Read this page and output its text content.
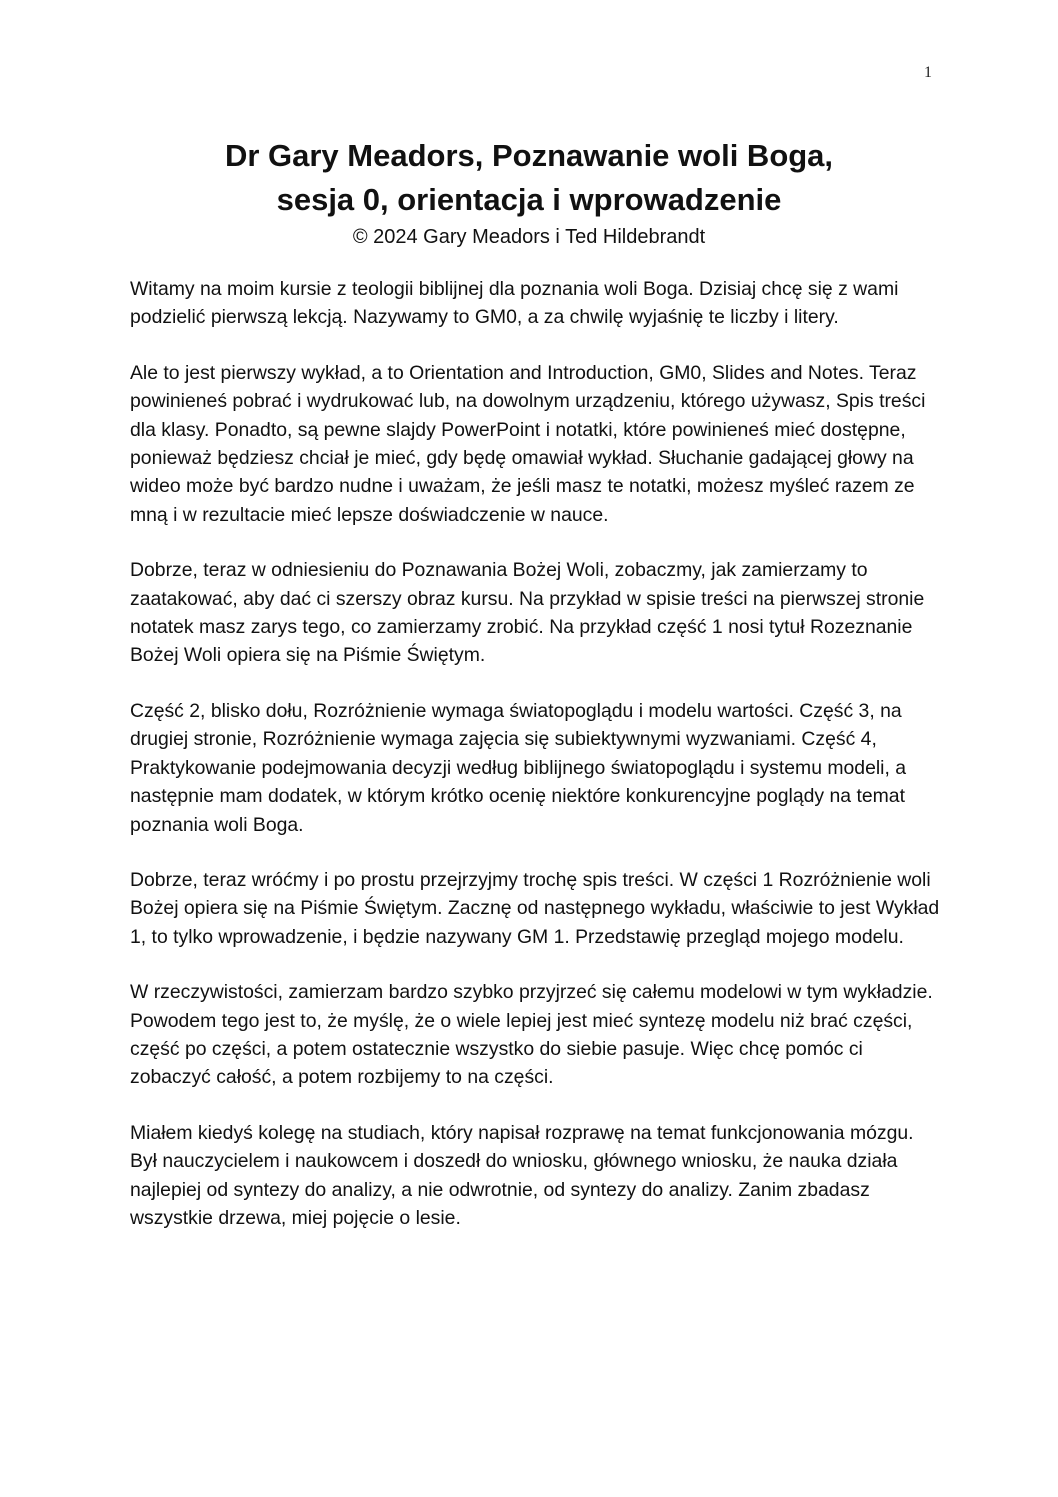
1
Dr Gary Meadors, Poznawanie woli Boga,
sesja 0, orientacja i wprowadzenie
© 2024 Gary Meadors i Ted Hildebrandt

Witamy na moim kursie z teologii biblijnej dla poznania woli Boga. Dzisiaj chcę się z wami podzielić pierwszą lekcją. Nazywamy to GM0, a za chwilę wyjaśnię te liczby i litery.

Ale to jest pierwszy wykład, a to Orientation and Introduction, GM0, Slides and Notes. Teraz powinieneś pobrać i wydrukować lub, na dowolnym urządzeniu, którego używasz, Spis treści dla klasy. Ponadto, są pewne slajdy PowerPoint i notatki, które powinieneś mieć dostępne, ponieważ będziesz chciał je mieć, gdy będę omawiał wykład. Słuchanie gadającej głowy na wideo może być bardzo nudne i uważam, że jeśli masz te notatki, możesz myśleć razem ze mną i w rezultacie mieć lepsze doświadczenie w nauce.

Dobrze, teraz w odniesieniu do Poznawania Bożej Woli, zobaczmy, jak zamierzamy to zaatakować, aby dać ci szerszy obraz kursu. Na przykład w spisie treści na pierwszej stronie notatek masz zarys tego, co zamierzamy zrobić. Na przykład część 1 nosi tytuł Rozeznanie Bożej Woli opiera się na Piśmie Świętym.

Część 2, blisko dołu, Rozróżnienie wymaga światopoglądu i modelu wartości. Część 3, na drugiej stronie, Rozróżnienie wymaga zajęcia się subiektywnymi wyzwaniami. Część 4, Praktykowanie podejmowania decyzji według biblijnego światopoglądu i systemu modeli, a następnie mam dodatek, w którym krótko ocenię niektóre konkurencyjne poglądy na temat poznania woli Boga.

Dobrze, teraz wróćmy i po prostu przejrzyjmy trochę spis treści. W części 1 Rozróżnienie woli Bożej opiera się na Piśmie Świętym. Zacznę od następnego wykładu, właściwie to jest Wykład 1, to tylko wprowadzenie, i będzie nazywany GM 1. Przedstawię przegląd mojego modelu.

W rzeczywistości, zamierzam bardzo szybko przyjrzeć się całemu modelowi w tym wykładzie. Powodem tego jest to, że myślę, że o wiele lepiej jest mieć syntezę modelu niż brać części, część po części, a potem ostatecznie wszystko do siebie pasuje. Więc chcę pomóc ci zobaczyć całość, a potem rozbijemy to na części.

Miałem kiedyś kolegę na studiach, który napisał rozprawę na temat funkcjonowania mózgu. Był nauczycielem i naukowcem i doszedł do wniosku, głównego wniosku, że nauka działa najlepiej od syntezy do analizy, a nie odwrotnie, od syntezy do analizy. Zanim zbadasz wszystkie drzewa, miej pojęcie o lesie.
